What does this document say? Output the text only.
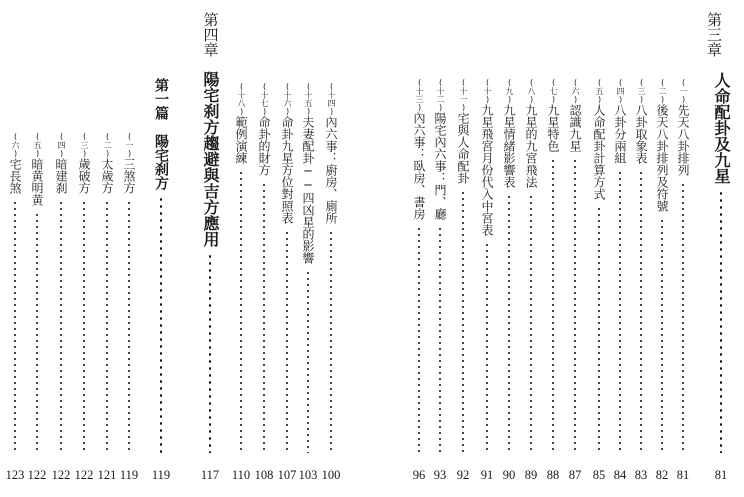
第三章
人命配卦及九星
81
(一)
先天八卦排列
81
(二)
後天八卦排列及符號
82
(三)
八卦取象表
83
(四)
八卦分兩組
84
(五)
人命配卦計算方式
85
(六)
認識九星
87
(七)
九星特色
88
(八)
九星的九宮飛法
89
(九)
九星情緒影響表
90
(十)
九星飛宮月份代入中宮表
91
(十一)
宅與人命配卦
92
(十二)
陽宅內六事：門、廳
93
(十三)
內六事：臥房、書房
96
(十四)
內六事：廚房、廁所
100
(十五)
夫妻配卦──四凶星的影響
103
(十六)
命卦九星方位對照表
107
(十七)
命卦的財方
108
(十八)
範例演練
110
第四章
陽宅刹方趨避與吉方應用
117
第一篇　陽宅刹方
119
(一)
三煞方
119
(二)
太歲方
121
(三)
歲破方
122
(四)
暗建刹
122
(五)
暗黄明黄
122
(六)
宅長煞
123
